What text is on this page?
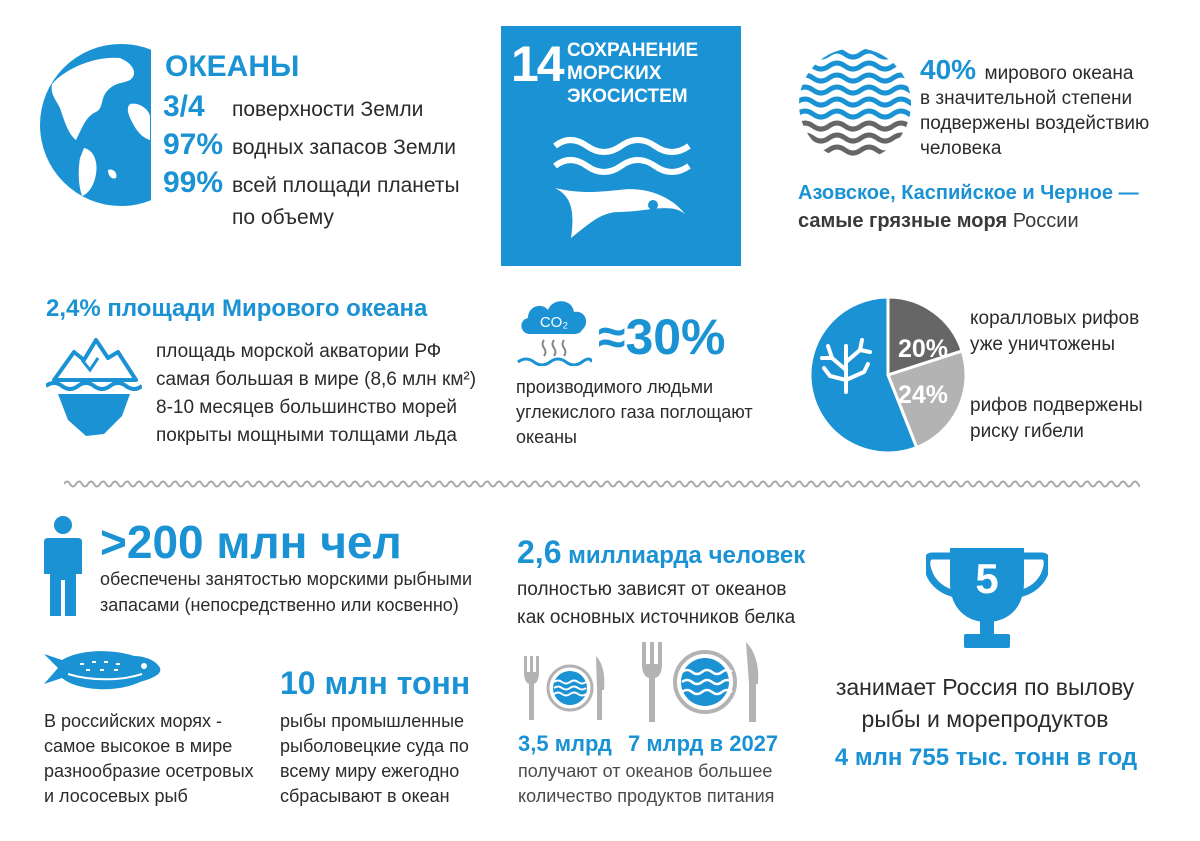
ОКЕАНЫ
3/4 поверхности Земли
97% водных запасов Земли
99% всей площади планеты
по объему
14 СОХРАНЕНИЕ
МОРСКИХ
ЭКОСИСТЕМ
40% мирового океана
в значительной степени
подвержены воздействию
человека
Азовское, Каспийское и Черное —
самые грязные моря России
2,4% площади Мирового океана
площадь морской акватории РФ
самая большая в мире (8,6 млн км²)
8-10 месяцев большинство морей
покрыты мощными толщами льда
CO₂ ≈30%
производимого людьми
углекислого газа поглощают
океаны
20%
24%
коралловых рифов
уже уничтожены
рифов подвержены
риску гибели
>200 млн чел
обеспечены занятостью морскими рыбными
запасами (непосредственно или косвенно)
2,6 миллиарда человек
полностью зависят от океанов
как основных источников белка
5
занимает Россия по вылову
рыбы и морепродуктов
4 млн 755 тыс. тонн в год
В российских морях -
самое высокое в мире
разнообразие осетровых
и лососевых рыб
10 млн тонн
рыбы промышленные
рыболовецкие суда по
всему миру ежегодно
сбрасывают в океан
3,5 млрд 7 млрд в 2027
получают от океанов большее
количество продуктов питания
